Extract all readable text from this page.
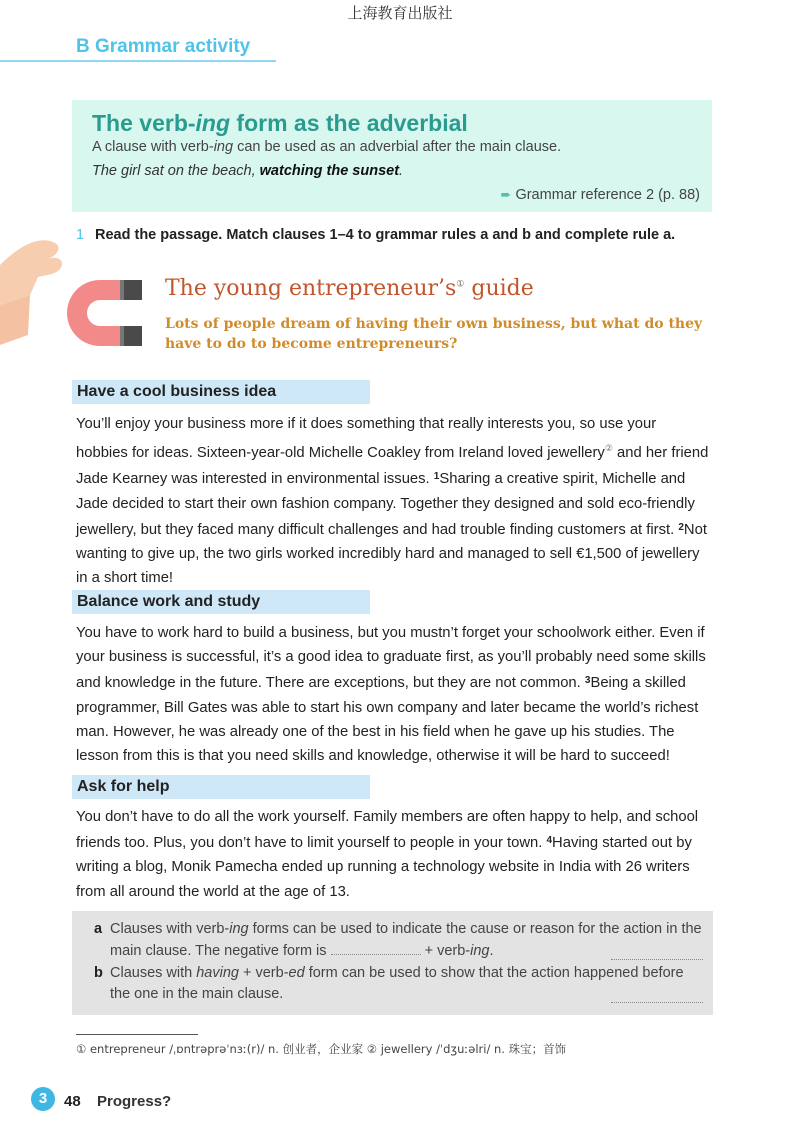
上海教育出版社
B Grammar activity
The verb-ing form as the adverbial
A clause with verb-ing can be used as an adverbial after the main clause.
The girl sat on the beach, watching the sunset.
➨ Grammar reference 2 (p. 88)
1 Read the passage. Match clauses 1–4 to grammar rules a and b and complete rule a.
The young entrepreneur’s① guide
Lots of people dream of having their own business, but what do they have to do to become entrepreneurs?
Have a cool business idea
You’ll enjoy your business more if it does something that really interests you, so use your hobbies for ideas. Sixteen-year-old Michelle Coakley from Ireland loved jewellery② and her friend Jade Kearney was interested in environmental issues. $^1$Sharing a creative spirit, Michelle and Jade decided to start their own fashion company. Together they designed and sold eco-friendly jewellery, but they faced many difficult challenges and had trouble finding customers at first. $^2$Not wanting to give up, the two girls worked incredibly hard and managed to sell €1,500 of jewellery in a short time!
Balance work and study
You have to work hard to build a business, but you mustn’t forget your schoolwork either. Even if your business is successful, it’s a good idea to graduate first, as you’ll probably need some skills and knowledge in the future. There are exceptions, but they are not common. $^3$Being a skilled programmer, Bill Gates was able to start his own company and later became the world’s richest man. However, he was already one of the best in his field when he gave up his studies. The lesson from this is that you need skills and knowledge, otherwise it will be hard to succeed!
Ask for help
You don’t have to do all the work yourself. Family members are often happy to help, and school friends too. Plus, you don’t have to limit yourself to people in your town. $^4$Having started out by writing a blog, Monik Pamecha ended up running a technology website in India with 26 writers from all around the world at the age of 13.
a Clauses with verb-ing forms can be used to indicate the cause or reason for the action in the
main clause. The negative form is	+ verb-ing.
b Clauses with having + verb-ed form can be used to show that the action happened before
the one in the main clause.
① entrepreneur /ˌɒntrəprəˈnɜː(r)/ n. 创业者，企业家 ② jewellery /ˈdʒuːəlri/ n. 珠宝；首饰
3	48 Progress?
